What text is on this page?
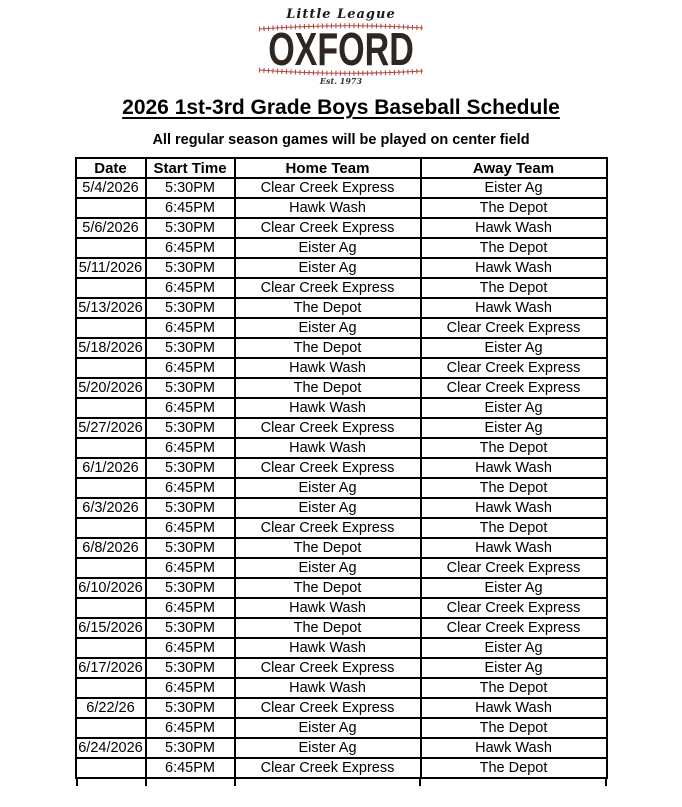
Little League
OXFORD
Est. 1973
2026 1st-3rd Grade Boys Baseball Schedule
All regular season games will be played on center field
Date	Start Time	Home Team	Away Team
5/4/2026	5:30PM	Clear Creek Express	Eister Ag
	6:45PM	Hawk Wash	The Depot
5/6/2026	5:30PM	Clear Creek Express	Hawk Wash
	6:45PM	Eister Ag	The Depot
5/11/2026	5:30PM	Eister Ag	Hawk Wash
	6:45PM	Clear Creek Express	The Depot
5/13/2026	5:30PM	The Depot	Hawk Wash
	6:45PM	Eister Ag	Clear Creek Express
5/18/2026	5:30PM	The Depot	Eister Ag
	6:45PM	Hawk Wash	Clear Creek Express
5/20/2026	5:30PM	The Depot	Clear Creek Express
	6:45PM	Hawk Wash	Eister Ag
5/27/2026	5:30PM	Clear Creek Express	Eister Ag
	6:45PM	Hawk Wash	The Depot
6/1/2026	5:30PM	Clear Creek Express	Hawk Wash
	6:45PM	Eister Ag	The Depot
6/3/2026	5:30PM	Eister Ag	Hawk Wash
	6:45PM	Clear Creek Express	The Depot
6/8/2026	5:30PM	The Depot	Hawk Wash
	6:45PM	Eister Ag	Clear Creek Express
6/10/2026	5:30PM	The Depot	Eister Ag
	6:45PM	Hawk Wash	Clear Creek Express
6/15/2026	5:30PM	The Depot	Clear Creek Express
	6:45PM	Hawk Wash	Eister Ag
6/17/2026	5:30PM	Clear Creek Express	Eister Ag
	6:45PM	Hawk Wash	The Depot
6/22/26	5:30PM	Clear Creek Express	Hawk Wash
	6:45PM	Eister Ag	The Depot
6/24/2026	5:30PM	Eister Ag	Hawk Wash
	6:45PM	Clear Creek Express	The Depot
